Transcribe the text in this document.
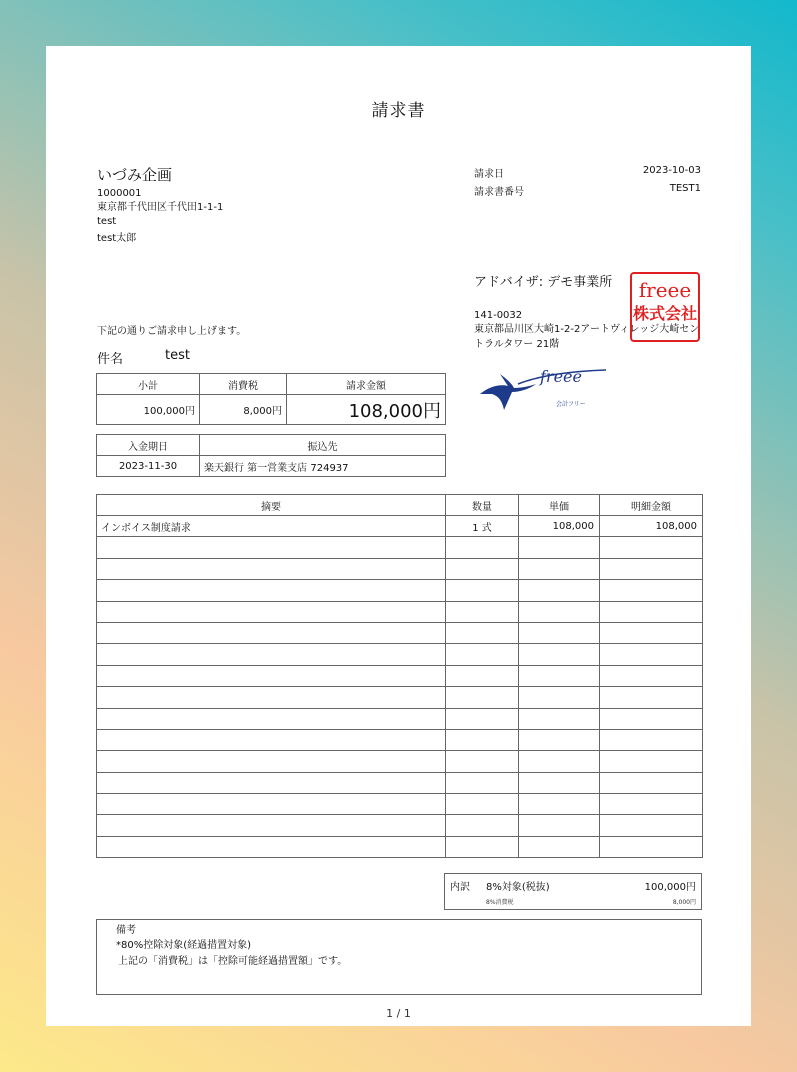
請求書
いづみ企画
1000001
東京都千代田区千代田1-1-1
test
test太郎
請求日	2023-10-03
請求書番号	TEST1
アドバイザ: デモ事業所
141-0032
東京都品川区大崎1-2-2アートヴィレッジ大崎セン
トラルタワー 21階
freee
株式会社
freee
会計フリー
下記の通りご請求申し上げます。
件名	test
小計	消費税	請求金額
100,000円	8,000円	108,000円
入金期日	振込先
2023-11-30	楽天銀行 第一営業支店 724937
摘要	数量	単価	明細金額
インボイス制度請求	1 式	108,000	108,000

内訳 8%対象(税抜)	100,000円
8%消費税	8,000円
備考
*80%控除対象(経過措置対象)
上記の「消費税」は「控除可能経過措置額」です。
1 / 1
